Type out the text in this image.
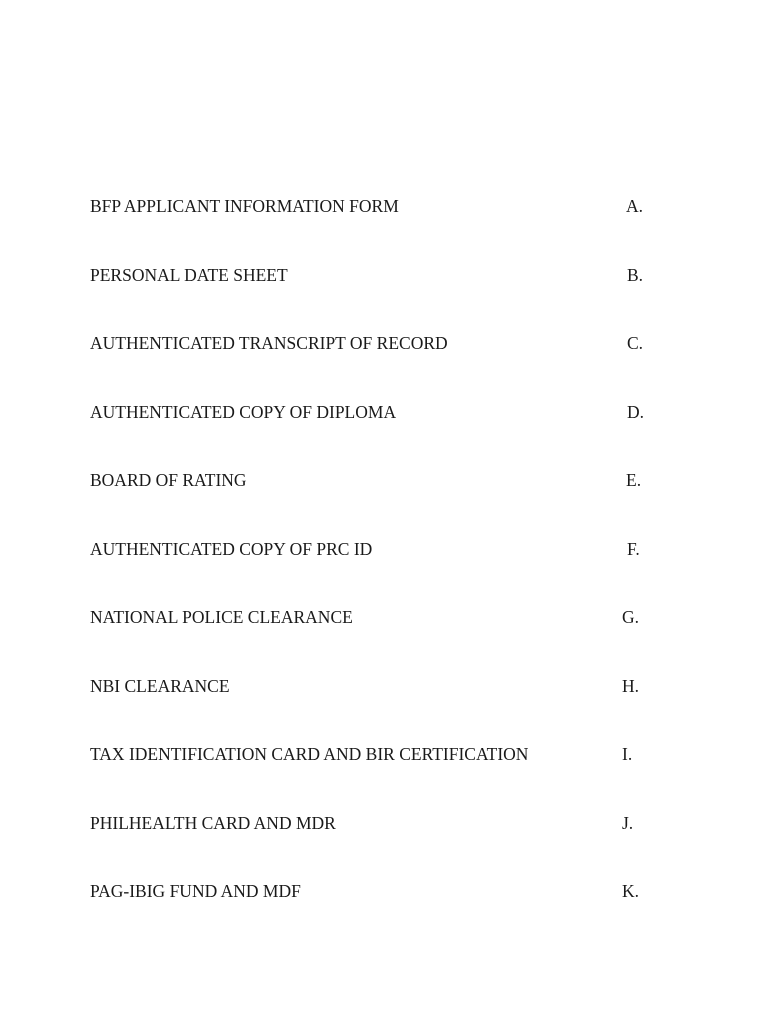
BFP APPLICANT INFORMATION FORM	A.
PERSONAL DATE SHEET	B.
AUTHENTICATED TRANSCRIPT OF RECORD	C.
AUTHENTICATED COPY OF DIPLOMA	D.
BOARD OF RATING	E.
AUTHENTICATED COPY OF PRC ID	F.
NATIONAL POLICE CLEARANCE	G.
NBI CLEARANCE	H.
TAX IDENTIFICATION CARD AND BIR CERTIFICATION	I.
PHILHEALTH CARD AND MDR	J.
PAG-IBIG FUND AND MDF	K.
